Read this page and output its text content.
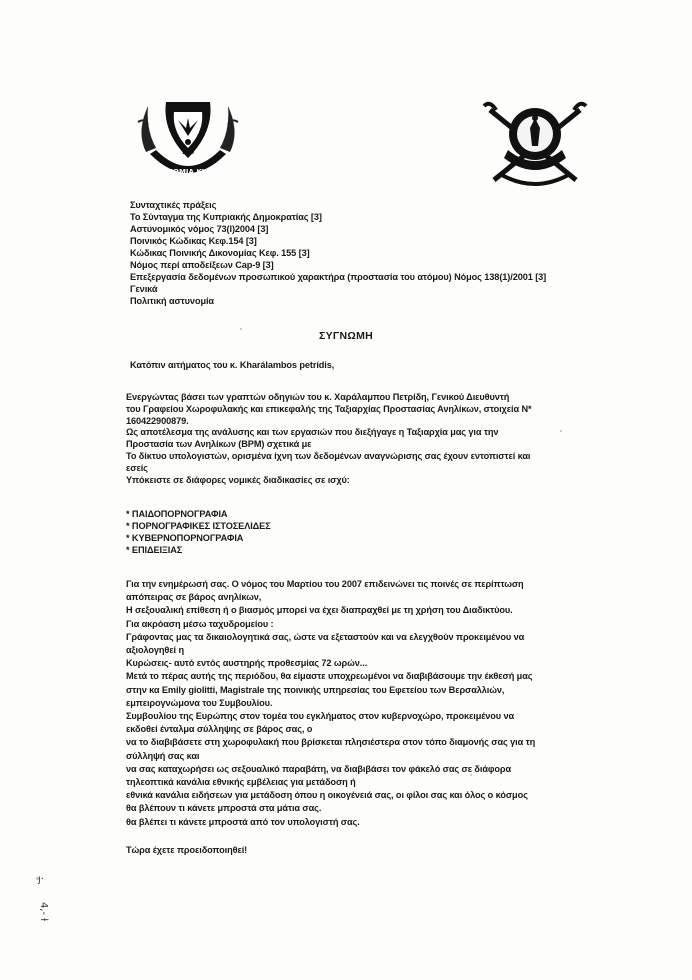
ΑΣΤΥΝΟΜΙΑ ΚΥΠΡΟΥ
1960
Συνταχτικές πράξεις
Το Σύνταγμα της Κυπριακής Δημοκρατίας [3]
Αστυνομικός νόμος 73(I)2004 [3]
Ποινικός Κώδικας Κεφ.154 [3]
Κώδικας Ποινικής Δικονομίας Κεφ. 155 [3]
Νόμος περί αποδείξεων Cap-9 [3]
Επεξεργασία δεδομένων προσωπικού χαρακτήρα (προστασία του ατόμου) Νόμος 138(1)/2001 [3]
Γενικά
Πολιτική αστυνομία
ΣΥΓΝΩΜΗ
Κατόπιν αιτήματος του κ. Kharálambos petrídis,
Ενεργώντας βάσει των γραπτών οδηγιών του κ. Χαράλαμπου Πετρίδη, Γενικού Διευθυντή
του Γραφείου Χωροφυλακής και επικεφαλής της Ταξιαρχίας Προστασίας Ανηλίκων, στοιχεία N*
160422900879.
Ως αποτέλεσμα της ανάλυσης και των εργασιών που διεξήγαγε η Ταξιαρχία μας για την
Προστασία των Ανηλίκων (BPM) σχετικά με
Το δίκτυο υπολογιστών, ορισμένα ίχνη των δεδομένων αναγνώρισης σας έχουν εντοπιστεί και
εσείς
Υπόκειστε σε διάφορες νομικές διαδικασίες σε ισχύ:
* ΠΑΙΔΟΠΟΡΝΟΓΡΑΦΙΑ
* ΠΟΡΝΟΓΡΑΦΙΚΕΣ ΙΣΤΟΣΕΛΙΔΕΣ
* ΚΥΒΕΡΝΟΠΟΡΝΟΓΡΑΦΙΑ
* ΕΠΙΔΕΙΞΙΑΣ
Για την ενημέρωσή σας. Ο νόμος του Μαρτίου του 2007 επιδεινώνει τις ποινές σε περίπτωση
απόπειρας σε βάρος ανηλίκων,
Η σεξουαλική επίθεση ή ο βιασμός μπορεί να έχει διαπραχθεί με τη χρήση του Διαδικτύου.
Για ακρόαση μέσω ταχυδρομείου :
Γράφοντας μας τα δικαιολογητικά σας, ώστε να εξεταστούν και να ελεγχθούν προκειμένου να
αξιολογηθεί η
Κυρώσεις- αυτό εντός αυστηρής προθεσμίας 72 ωρών...
Μετά το πέρας αυτής της περιόδου, θα είμαστε υποχρεωμένοι να διαβιβάσουμε την έκθεσή μας
στην κα Emily giolitti, Magistrale της ποινικής υπηρεσίας του Εφετείου των Βερσαλλιών,
εμπειρογνώμονα του Συμβουλίου.
Συμβουλίου της Ευρώπης στον τομέα του εγκλήματος στον κυβερνοχώρο, προκειμένου να
εκδοθεί ένταλμα σύλληψης σε βάρος σας, ο
να το διαβιβάσετε στη χωροφυλακή που βρίσκεται πλησιέστερα στον τόπο διαμονής σας για τη
σύλληψή σας και
να σας καταχωρήσει ως σεξουαλικό παραβάτη, να διαβιβάσει τον φάκελό σας σε διάφορα
τηλεοπτικά κανάλια εθνικής εμβέλειας για μετάδοση ή
εθνικά κανάλια ειδήσεων για μετάδοση όπου η οικογένειά σας, οι φίλοι σας και όλος ο κόσμος
θα βλέπουν τι κάνετε μπροστά στα μάτια σας.
θα βλέπει τι κάνετε μπροστά από τον υπολογιστή σας.
Τώρα έχετε προειδοποιηθεί!
ȷ·
4,‐ ƚ
